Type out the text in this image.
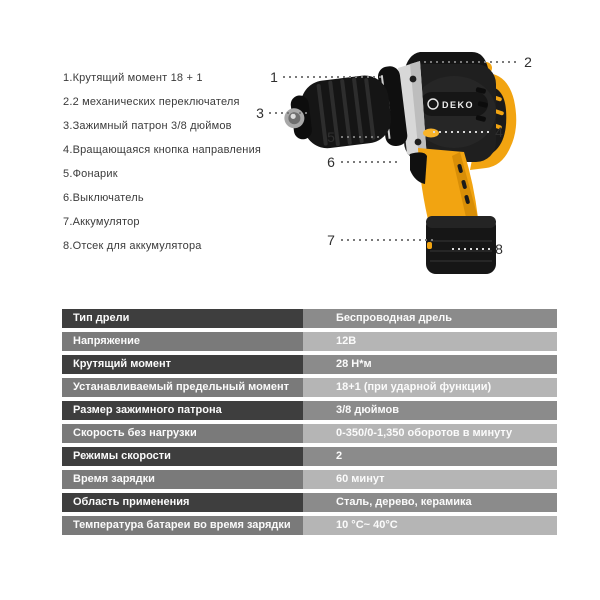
1.Крутящий момент 18 + 1
2.2 механических переключателя
3.Зажимный патрон 3/8 дюймов
4.Вращающаяся кнопка направления
5.Фонарик
6.Выключатель
7.Аккумулятор
8.Отсек для аккумулятора
DEKO
1
2
3
4
5
6
7
8
Тип дрели	Беспроводная дрель
Напряжение	12В
Крутящий момент	28 Н*м
Устанавливаемый предельный момент	18+1 (при ударной функции)
Размер зажимного патрона	3/8 дюймов
Скорость без нагрузки	0-350/0-1,350 оборотов в минуту
Режимы скорости	2
Время зарядки	60 минут
Область применения	Сталь, дерево, керамика
Температура батареи во время зарядки	10 °C~ 40°C
